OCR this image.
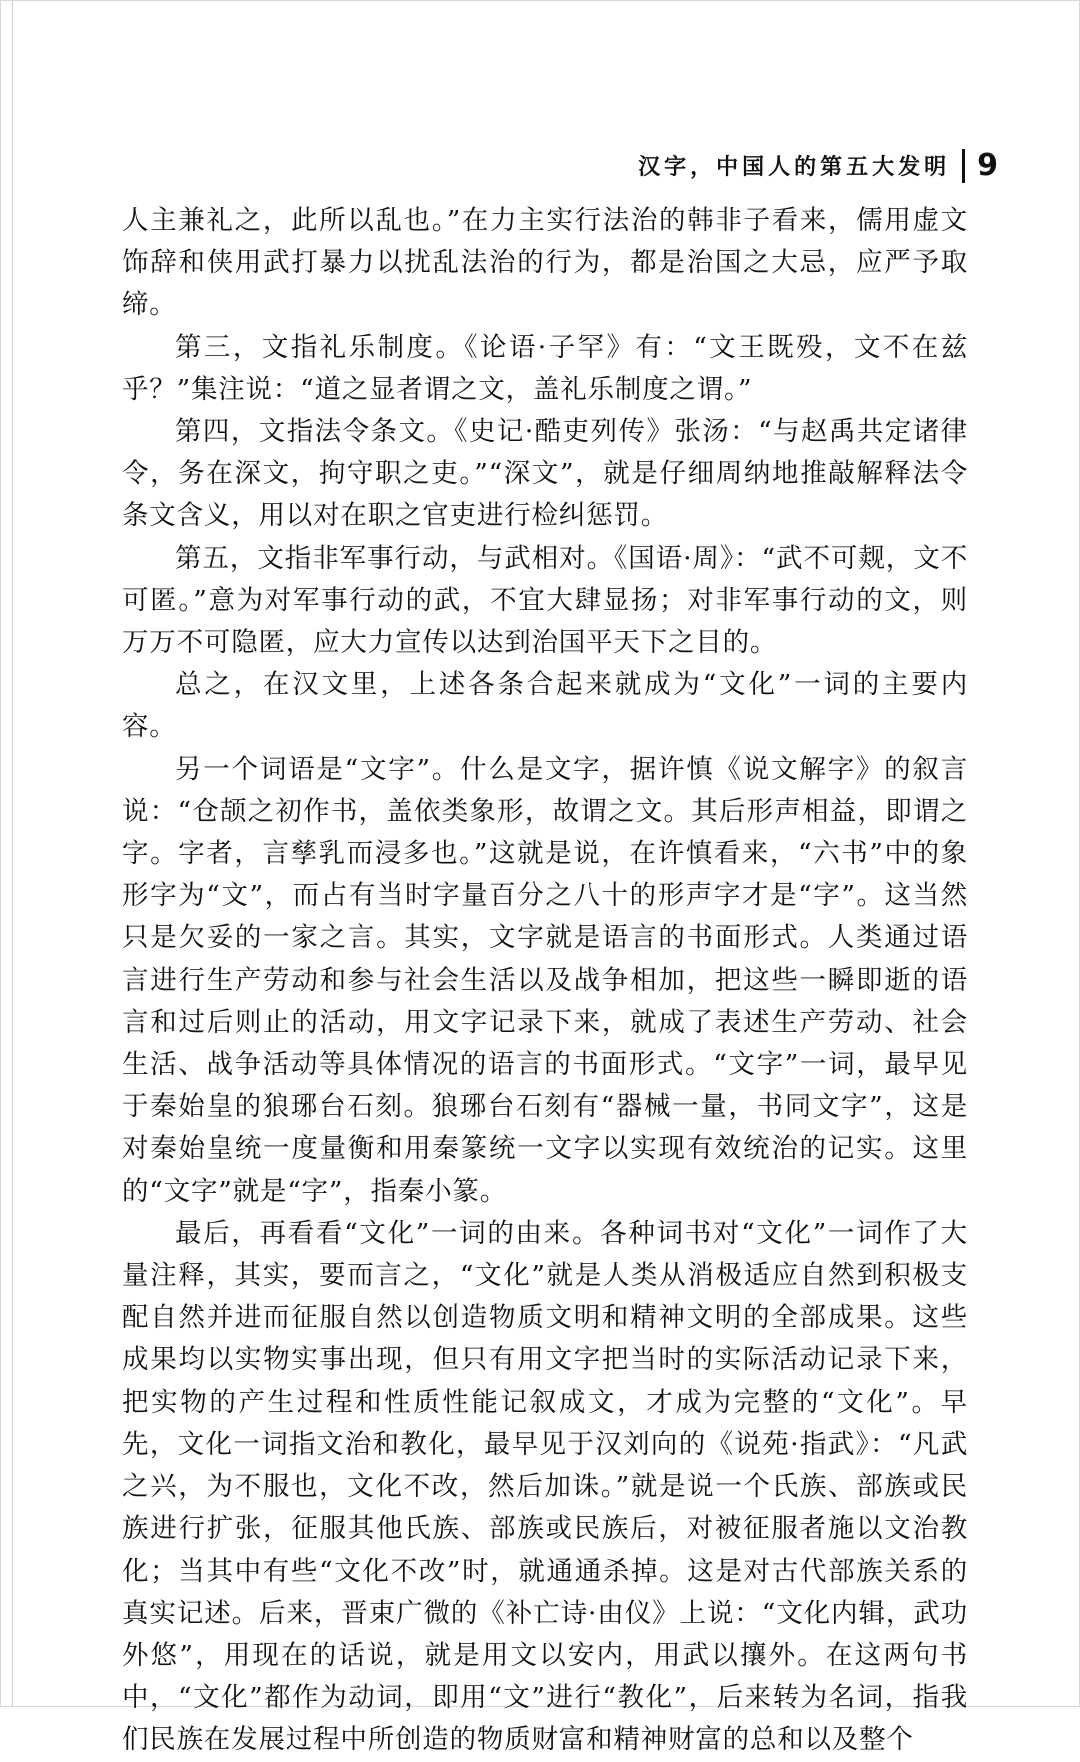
汉字，中国人的第五大发明 9

人主兼礼之，此所以乱也。”在力主实行法治的韩非子看来，儒用虚文饰辞和侠用武打暴力以扰乱法治的行为，都是治国之大忌，应严予取缔。

第三，文指礼乐制度。《论语·子罕》有：“文王既殁，文不在兹乎？”集注说：“道之显者谓之文，盖礼乐制度之谓。”

第四，文指法令条文。《史记·酷吏列传》张汤：“与赵禹共定诸律令，务在深文，拘守职之吏。”“深文”，就是仔细周纳地推敲解释法令条文含义，用以对在职之官吏进行检纠惩罚。

第五，文指非军事行动，与武相对。《国语·周》：“武不可觌，文不可匿。”意为对军事行动的武，不宜大肆显扬；对非军事行动的文，则万万不可隐匿，应大力宣传以达到治国平天下之目的。

总之，在汉文里，上述各条合起来就成为“文化”一词的主要内容。

另一个词语是“文字”。什么是文字，据许慎《说文解字》的叙言说：“仓颉之初作书，盖依类象形，故谓之文。其后形声相益，即谓之字。字者，言孳乳而浸多也。”这就是说，在许慎看来，“六书”中的象形字为“文”，而占有当时字量百分之八十的形声字才是“字”。这当然只是欠妥的一家之言。其实，文字就是语言的书面形式。人类通过语言进行生产劳动和参与社会生活以及战争相加，把这些一瞬即逝的语言和过后则止的活动，用文字记录下来，就成了表述生产劳动、社会生活、战争活动等具体情况的语言的书面形式。“文字”一词，最早见于秦始皇的狼琊台石刻。狼琊台石刻有“器械一量，书同文字”，这是对秦始皇统一度量衡和用秦篆统一文字以实现有效统治的记实。这里的“文字”就是“字”，指秦小篆。

最后，再看看“文化”一词的由来。各种词书对“文化”一词作了大量注释，其实，要而言之，“文化”就是人类从消极适应自然到积极支配自然并进而征服自然以创造物质文明和精神文明的全部成果。这些成果均以实物实事出现，但只有用文字把当时的实际活动记录下来，把实物的产生过程和性质性能记叙成文，才成为完整的“文化”。早先，文化一词指文治和教化，最早见于汉刘向的《说苑·指武》：“凡武之兴，为不服也，文化不改，然后加诛。”就是说一个氏族、部族或民族进行扩张，征服其他氏族、部族或民族后，对被征服者施以文治教化；当其中有些“文化不改”时，就通通杀掉。这是对古代部族关系的真实记述。后来，晋束广微的《补亡诗·由仪》上说：“文化内辑，武功外悠”，用现在的话说，就是用文以安内，用武以攘外。在这两句书中，“文化”都作为动词，即用“文”进行“教化”，后来转为名词，指我们民族在发展过程中所创造的物质财富和精神财富的总和以及整个
